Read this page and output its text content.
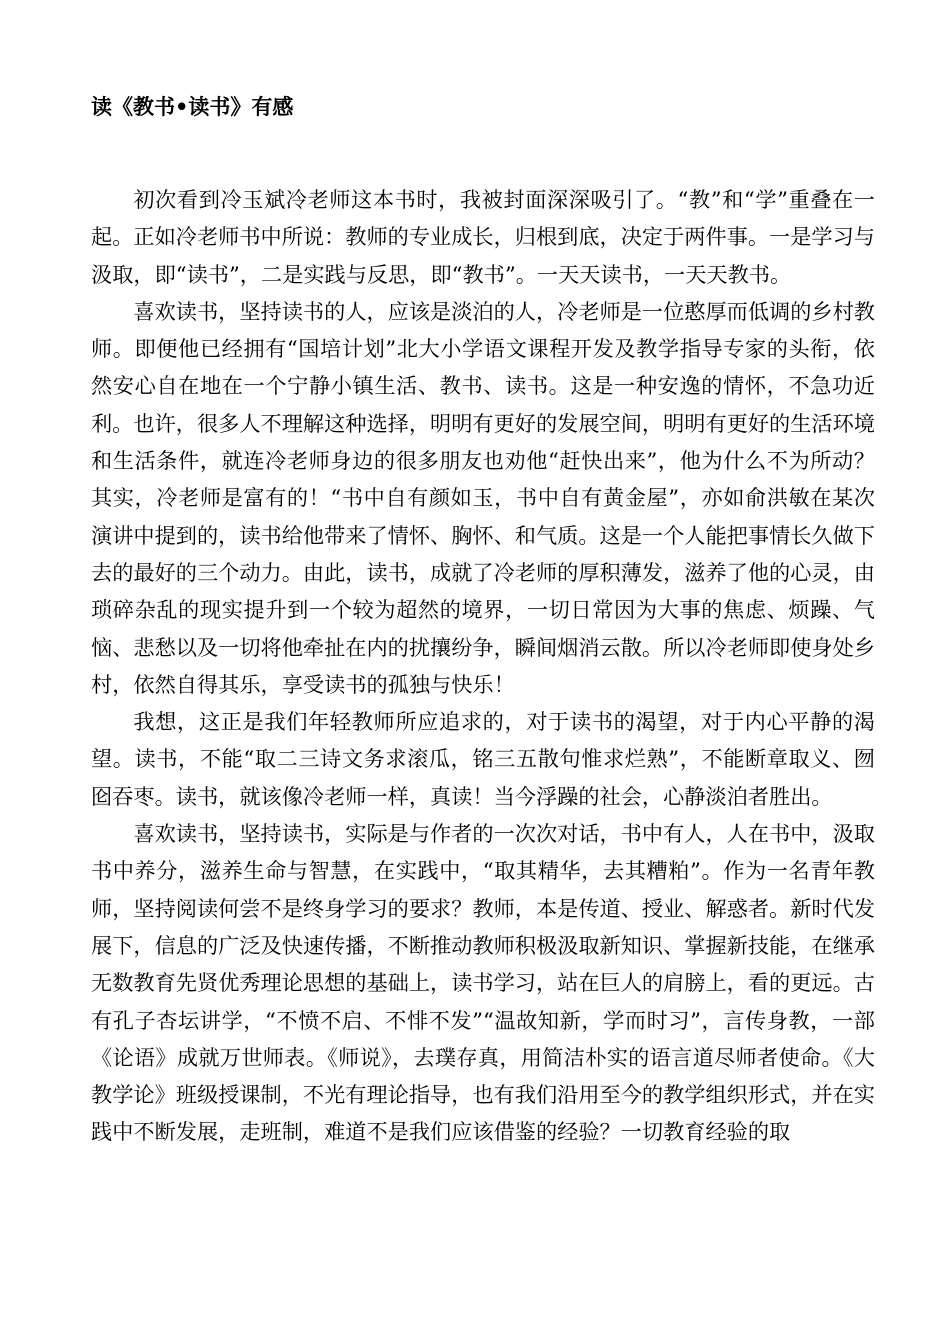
读《教书•读书》有感

初次看到冷玉斌冷老师这本书时，我被封面深深吸引了。“教”和“学”重叠在一起。正如冷老师书中所说：教师的专业成长，归根到底，决定于两件事。一是学习与汲取，即“读书”，二是实践与反思，即“教书”。一天天读书，一天天教书。

喜欢读书，坚持读书的人，应该是淡泊的人，冷老师是一位憨厚而低调的乡村教师。即便他已经拥有“国培计划”北大小学语文课程开发及教学指导专家的头衔，依然安心自在地在一个宁静小镇生活、教书、读书。这是一种安逸的情怀，不急功近利。也许，很多人不理解这种选择，明明有更好的发展空间，明明有更好的生活环境和生活条件，就连冷老师身边的很多朋友也劝他“赶快出来”，他为什么不为所动？其实，冷老师是富有的！“书中自有颜如玉，书中自有黄金屋”，亦如俞洪敏在某次演讲中提到的，读书给他带来了情怀、胸怀、和气质。这是一个人能把事情长久做下去的最好的三个动力。由此，读书，成就了冷老师的厚积薄发，滋养了他的心灵，由琐碎杂乱的现实提升到一个较为超然的境界，一切日常因为大事的焦虑、烦躁、气恼、悲愁以及一切将他牵扯在内的扰攘纷争，瞬间烟消云散。所以冷老师即使身处乡村，依然自得其乐，享受读书的孤独与快乐！

我想，这正是我们年轻教师所应追求的，对于读书的渴望，对于内心平静的渴望。读书，不能“取二三诗文务求滚瓜，铭三五散句惟求烂熟”，不能断章取义、囫囵吞枣。读书，就该像冷老师一样，真读！当今浮躁的社会，心静淡泊者胜出。

喜欢读书，坚持读书，实际是与作者的一次次对话，书中有人，人在书中，汲取书中养分，滋养生命与智慧，在实践中，“取其精华，去其糟粕”。作为一名青年教师，坚持阅读何尝不是终身学习的要求？教师，本是传道、授业、解惑者。新时代发展下，信息的广泛及快速传播，不断推动教师积极汲取新知识、掌握新技能，在继承无数教育先贤优秀理论思想的基础上，读书学习，站在巨人的肩膀上，看的更远。古有孔子杏坛讲学，“不愤不启、不悱不发”“温故知新，学而时习”，言传身教，一部《论语》成就万世师表。《师说》，去璞存真，用简洁朴实的语言道尽师者使命。《大教学论》班级授课制，不光有理论指导，也有我们沿用至今的教学组织形式，并在实践中不断发展，走班制，难道不是我们应该借鉴的经验？一切教育经验的取
